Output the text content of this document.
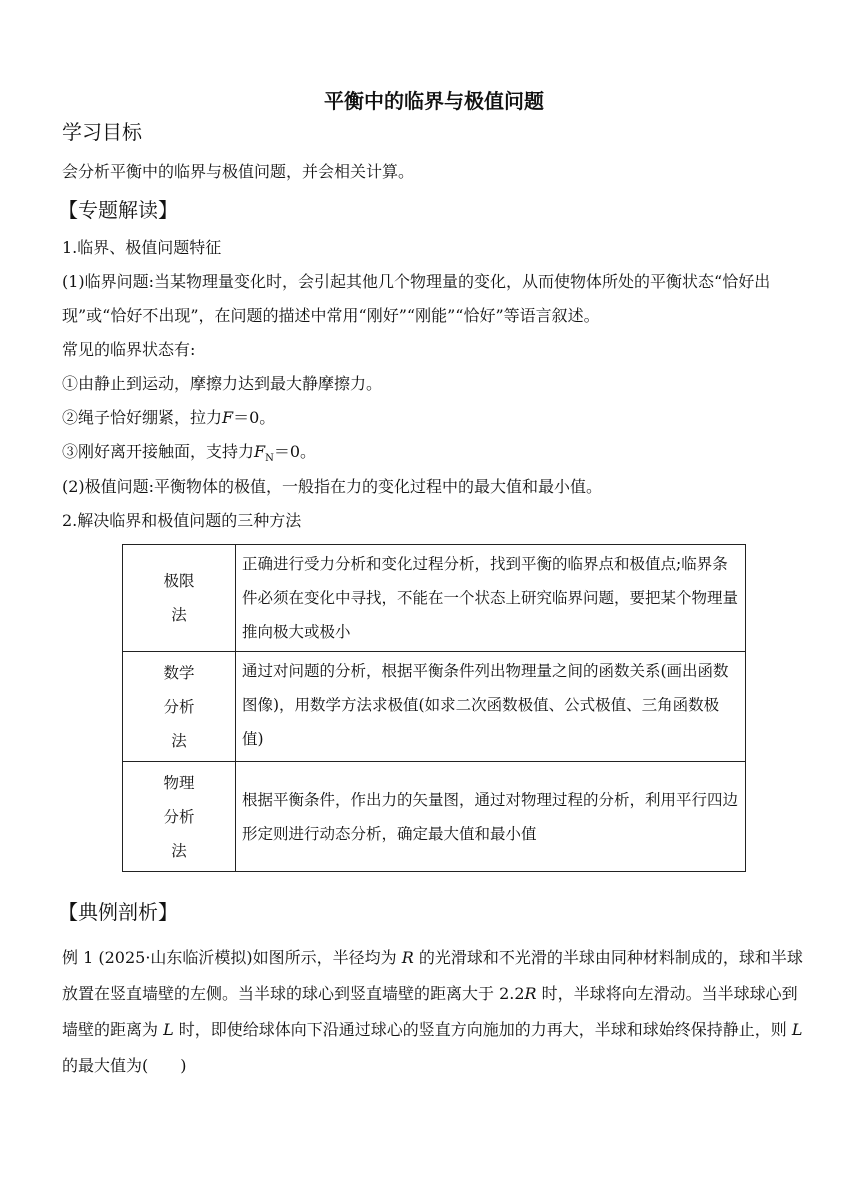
平衡中的临界与极值问题
学习目标
会分析平衡中的临界与极值问题，并会相关计算。
【专题解读】
1.临界、极值问题特征
(1)临界问题:当某物理量变化时，会引起其他几个物理量的变化，从而使物体所处的平衡状态“恰好出现”或“恰好不出现”，在问题的描述中常用“刚好”“刚能”“恰好”等语言叙述。
常见的临界状态有:
①由静止到运动，摩擦力达到最大静摩擦力。
②绳子恰好绷紧，拉力F＝0。
③刚好离开接触面，支持力$F_N=0$。
(2)极值问题:平衡物体的极值，一般指在力的变化过程中的最大值和最小值。
2.解决临界和极值问题的三种方法
极限
法	正确进行受力分析和变化过程分析，找到平衡的临界点和极值点;临界条件必须在变化中寻找，不能在一个状态上研究临界问题，要把某个物理量推向极大或极小

数学
分析
法	通过对问题的分析，根据平衡条件列出物理量之间的函数关系(画出函数图像)，用数学方法求极值(如求二次函数极值、公式极值、三角函数极值)

物理
分析
法	根据平衡条件，作出力的矢量图，通过对物理过程的分析，利用平行四边形定则进行动态分析，确定最大值和最小值
【典例剖析】
例 1 (2025·山东临沂模拟)如图所示，半径均为 R 的光滑球和不光滑的半球由同种材料制成的，球和半球放置在竖直墙壁的左侧。当半球的球心到竖直墙壁的距离大于 2.2R 时，半球将向左滑动。当半球球心到墙壁的距离为 L 时，即使给球体向下沿通过球心的竖直方向施加的力再大，半球和球始终保持静止，则 L 的最大值为(　　)
